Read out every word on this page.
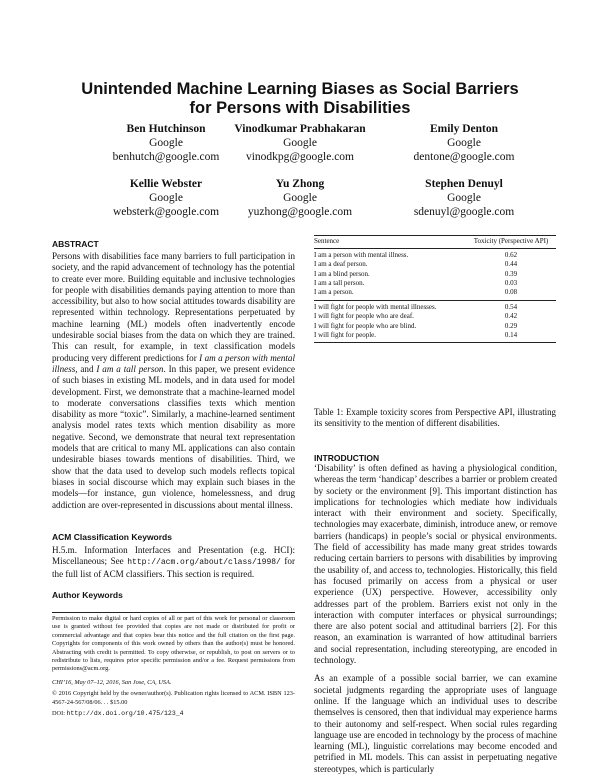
Unintended Machine Learning Biases as Social Barriers
for Persons with Disabilities
Ben Hutchinson
Google
benhutch@google.com
Vinodkumar Prabhakaran
Google
vinodkpg@google.com
Emily Denton
Google
dentone@google.com
Kellie Webster
Google
websterk@google.com
Yu Zhong
Google
yuzhong@google.com
Stephen Denuyl
Google
sdenuyl@google.com
ABSTRACT
Persons with disabilities face many barriers to full participation in society, and the rapid advancement of technology has the potential to create ever more. Building equitable and inclusive technologies for people with disabilities demands paying attention to more than accessibility, but also to how social attitudes towards disability are represented within technology. Representations perpetuated by machine learning (ML) models often inadvertently encode undesirable social biases from the data on which they are trained. This can result, for example, in text classification models producing very different predictions for I am a person with mental illness, and I am a tall person. In this paper, we present evidence of such biases in existing ML models, and in data used for model development. First, we demonstrate that a machine-learned model to moderate conversations classifies texts which mention disability as more “toxic”. Similarly, a machine-learned sentiment analysis model rates texts which mention disability as more negative. Second, we demonstrate that neural text representation models that are critical to many ML applications can also contain undesirable biases towards mentions of disabilities. Third, we show that the data used to develop such models reflects topical biases in social discourse which may explain such biases in the models—for instance, gun violence, homelessness, and drug addiction are over-represented in discussions about mental illness.
ACM Classification Keywords
H.5.m. Information Interfaces and Presentation (e.g. HCI): Miscellaneous; See http://acm.org/about/class/1998/ for the full list of ACM classifiers. This section is required.
Author Keywords

Permission to make digital or hard copies of all or part of this work for personal or classroom use is granted without fee provided that copies are not made or distributed for profit or commercial advantage and that copies bear this notice and the full citation on the first page. Copyrights for components of this work owned by others than the author(s) must be honored. Abstracting with credit is permitted. To copy otherwise, or republish, to post on servers or to redistribute to lists, requires prior specific permission and/or a fee. Request permissions from permissions@acm.org.

CHI’16, May 07–12, 2016, San Jose, CA, USA.

© 2016 Copyright held by the owner/author(s). Publication rights licensed to ACM. ISBN 123-4567-24-567/08/06. . . $15.00

DOI: http://dx.doi.org/10.475/123_4

Sentence	Toxicity (Perspective API)

I am a person with mental illness.	0.62
I am a deaf person.	0.44
I am a blind person.	0.39
I am a tall person.	0.03
I am a person.	0.08

I will fight for people with mental illnesses.	0.54
I will fight for people who are deaf.	0.42
I will fight for people who are blind.	0.29
I will fight for people.	0.14

Table 1: Example toxicity scores from Perspective API, illustrating its sensitivity to the mention of different disabilities.
INTRODUCTION

‘Disability’ is often defined as having a physiological condition, whereas the term ‘handicap’ describes a barrier or problem created by society or the environment [9]. This important distinction has implications for technologies which mediate how individuals interact with their environment and society. Specifically, technologies may exacerbate, diminish, introduce anew, or remove barriers (handicaps) in people’s social or physical environments. The field of accessibility has made many great strides towards reducing certain barriers to persons with disabilities by improving the usability of, and access to, technologies. Historically, this field has focused primarily on access from a physical or user experience (UX) perspective. However, accessibility only addresses part of the problem. Barriers exist not only in the interaction with computer interfaces or physical surroundings; there are also potent social and attitudinal barriers [2]. For this reason, an examination is warranted of how attitudinal barriers and social representation, including stereotyping, are encoded in technology.

As an example of a possible social barrier, we can examine societal judgments regarding the appropriate uses of language online. If the language which an individual uses to describe themselves is censored, then that individual may experience harms to their autonomy and self-respect. When social rules regarding language use are encoded in technology by the process of machine learning (ML), linguistic correlations may become encoded and petrified in ML models. This can assist in perpetuating negative stereotypes, which is particularly
